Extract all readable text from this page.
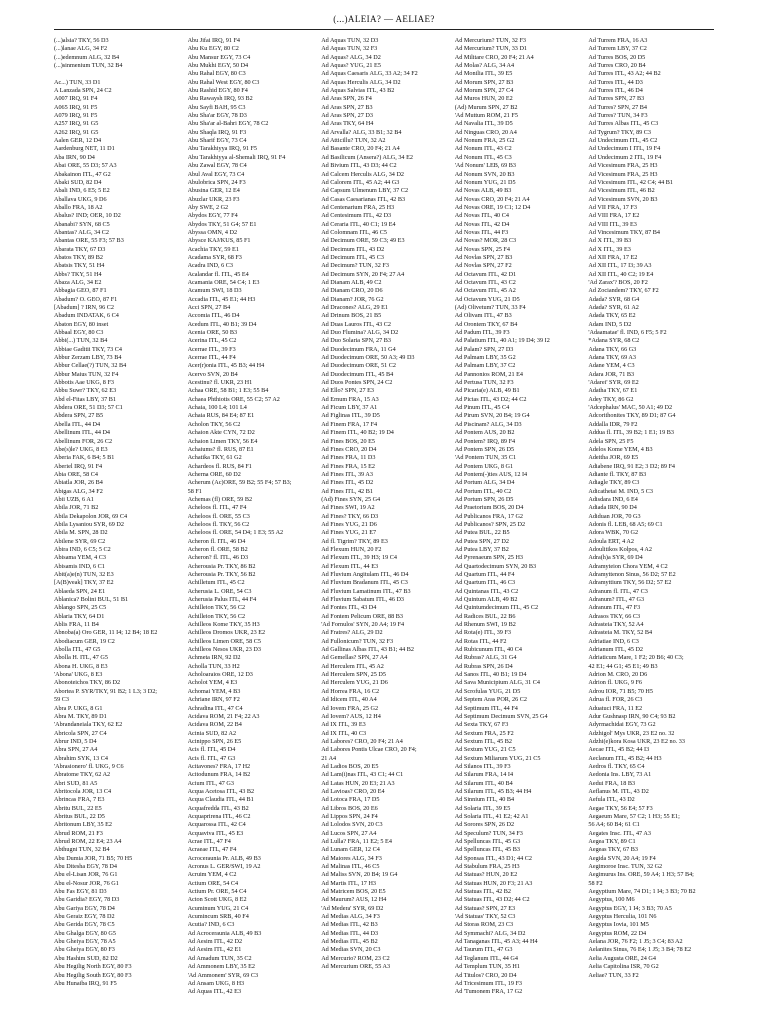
(...)ALEIA? — AELIAE?
(...)alsia? TKY, 56 D3
(...)lanae ALG, 34 F2
(...)edemnum ALG, 32 B4
(...)sinmenium TUN, 32 B4

Ac...) TUN, 33 D1
A Lanzada SPN, 24 C2
A007 IRQ, 91 F4
A065 IRQ, 91 F5
A079 IRQ, 91 F5
A257 IRQ, 91 G5
A262 IRQ, 91 G5
Aalen GER, 12 D4
Aardenburg NET, 11 D1
Aba IRN, 90 D4
Abai ORE, 55 D3; 57 A3
Abakainon ITL, 47 G2
Abaki SUD, 82 D4
Abali IND, 6 E5; 5 E2
Aballava UKG, 9 D6
Aballo FRA, 18 A2
Abalus? IND; OER, 10 D2
Abanabi? SYN, 68 C5
Abantas? ALG, 34 C2
Abantas ORE, 55 F3; 57 B3
Abarata TKY, 67 D3
Abatos TKY, 89 B2
Abatsis TKY, 51 H4
Abbs? TKY, 51 H4
Abaza ALG, 34 E2
Abbagia GEO, 87 F1
Abadum? O. GEO, 87 F1
[Abadum] ? IRN, 96 C2
Abadum INDATAK, 6 C4
Abaton EGY, 80 inset
Abbaal EGY, 80 C3
Abbi(...) TUN, 32 B4
Abbiae Gaditii TKY, 73 C4
Abbur Zerzam LBY, 73 B4
Abbur Cellae(?) TUN, 32 B4
Abbur Maius TUN, 32 F4
Abbotis Aae UKG, 8 F3
Abbu Suwr? TKY, 62 E3
Abd el-Fitas LBY, 37 B1
Abdera ORE, 51 D3; 57 C1
Abdera SPN, 27 B5
Abella ITL, 44 D4
Abellinum ITL, 44 D4
Abellinum FOR, 26 C2
Abe(s)le? UKG, 8 E3
Aberia FAK, 6 B4; 5 B1
Aberiel IRQ, 91 F4
Abia ORE, 58 C4
Abiatla JOR, 26 B4
Abigas ALG, 34 F2
Abii UZB, 6 A1
Abila JOR, 71 B2
Abila Dekapolon JOR, 69 C4
Abila Lysaniou SYR, 69 D2
Abila M. SPN, 28 D2
Abilene SYR, 69 C2
Abira IND, 6 C5; 5 C2
Abisama YEM, 4 C3
Abisamis IND, 6 C1
Abit(a)e(n) TUN, 32 E3
[A(B)veak] TKY, 37 E2
Ablaeda SPN, 24 E1
Ablanica? Bolini BUL, 51 B1
Ablango SPN, 25 C5
Ablaria TKY, 64 D1
Ablis FRA, 11 B4
Abnoba(a) Oro GER, 11 I4; 12 B4; 18 E2
Abodiacum GER, 19 C2
Abolla ITL, 47 G5
Abolla H. ITL, 47 G5
Abona H. UKG, 8 E3
'Abona' UKG, 8 E3
Abonoteichos TKY, 86 D2
Abortea P. SYR/TKY, 91 B2; 1 L3; 3 D2;
59 C3
Abra P. UKG, 8 G1
Abra M. TKY, 89 D1
'Abrandaneiala TKY, 62 E2
Abricola SPN, 27 C4
Abrur IND, 5 D4
Abra SPN, 27 A4
Abrahim SYK, 13 C4
'Abrasionero' fl. UKG, 9 C6
Abratome TKY, 62 A2
Abri SUD, 81 A5
Abritocola JOR, 13 C4
Abrincas FRA, 7 E3
Abritu BUL, 22 E5
Abritus BUL, 22 D5
Abritonum LBY, 35 E2
Abrud ROM, 21 F3
Abrud ROM, 22 E4; 23 A4
Abthugni TUN, 32 B4
Abu Dumia JOR, 71 B5; 70 H5
Abu Ditesha EGY, 78 D4
Abu el-Lisan JOR, 76 G1
Abu el-Nosur JOR, 76 G1
Abu Fas EGY, 81 D3
Abu Garidia? EGY, 78 D3
Abu Gariya EGY, 78 D4
Abu Geraiz EGY, 78 D2
Abu Gerida EGY, 78 C5
Abu Ghalga EGY, 80 G5
Abu Gheiya EGY, 78 A5
Abu Gheiya EGY, 80 F3
Abu Hashim SUD, 82 D2
Abu Hegilig North EGY, 80 F3
Abu Hegilig South EGY, 80 F3
Abu Hunaiba IRQ, 91 F5
Abu Jifai IRQ, 91 F4
Abu Ku EGY, 80 C2
Abu Mansur EGY, 73 C4
Abu Mukhi EGY, 50 D4
Abu Rahal EGY, 80 C3
Abu Rahal West EGY, 80 C3
Abu Rashid EGY, 80 F4
Abu Rawaysh IRQ, 93 B2
Abu Sayfi BAH, 95 C3
Abu Sha'ar EGY, 78 D3
Abu Sha'ar al-Bahri EGY, 78 C2
Abu Shaqla IRQ, 91 F3
Abu Sharif EGY, 73 C4
Abu Tarakhiyya IRQ, 91 F5
Abu Tarakhiyya al-Shemali IRQ, 91 F4
Abu Zawal EGY, 78 C4
Abul Aval EGY, 73 C4
Abulobrica SPN, 24 F3
Abusina GER, 12 E4
Abuzlar UKR, 23 F3
Aby SWE, 2 G2
Abydos EGY, 77 F4
Abydos TKY, 51 G4; 57 E1
Abyssa OMN, 4 D2
Abysce KAJ/KUS, 85 F1
Acachia TKY, 59 E1
Acadama SYR, 68 F3
Acadra IND, 6 C3
Acalandar fl. ITL, 45 E4
Acamania ORE, 54 C4; 1 E3
Acamum SWI, 18 D3
Accadia ITL, 45 E1; 44 H3
Acci SPN, 27 B4
Accomia ITL, 46 D4
Acedum ITL, 40 B1; 39 D4
Acenia ORE, 50 B3
Acerina ITL, 45 C2
Acerrae ITL, 39 F3
Acerrae ITL, 44 F4
Acer(r)onia ITL, 45 B3; 44 H4
Acervo SVN, 20 B4
Acestinu? fl. UKR, 23 H1
Achaa ORE, 58 B1; 1 E3; 55 B4
Achaea Phthiotis ORE, 55 C2; 57 A2
Achaia, 100 L4; 101 L4
Achaia RUS, 84 E4; 87 E1
Acholon TKY, 56 C2
Achaion Akte CYN, 72 D2
Achaion Limen TKY, 56 E4
Achaiums? fl. RUS, 87 E1
Achatika TKY, 61 G2
Achardeos fl. RUS, 84 F1
Acherna ORE, 60 D2
Acherum (Ac)ORE, 59 B2; 55 F4; 57 B3;
58 F1
Achemas (fl) ORE, 59 B2
Acheloos fl. ITL, 47 F4
Acheloos fl. ORE, 55 C3
Acheloos fl. TKY, 56 C2
Acheloos fl. ORE, 54 D4; 1 E3; 55 A2
Acheron fl. ITL, 46 D4
Acheron fl. ORE, 58 B2
Acheron? fl. ITL, 46 D3
Acherousia Pr. TKY, 86 B2
Acherousia Pr. TKY, 56 B2
Achilletum ITL, 45 C2
Acherusia L. ORE, 54 C3
Acherusia Palus ITL, 44 F4
Achilleion TKY, 56 C2
Achilleion TKY, 56 C2
Achilleos Kome TKY, 35 H3
Achilleos Dromos UKR, 23 E2
Achilleos Limen ORE, 58 C5
Achilleos Nesos UKR, 23 D3
Achmeta IRN, 92 D2
Acholla TUN, 33 H2
Acholoaraios ORE, 12 D3
Acholot YEM, 4 E3
Achomai YEM, 4 B3
Achriane IRN, 97 F2
Achradina ITL, 47 C4
Acidava ROM, 21 F4; 22 A3
Acidava ROM, 22 B4
Acinia SUD, 82 A2
Acinippo SPN, 26 E5
Acis fl. ITL, 45 D4
Acis fl. ITL, 47 G3
Acitavones? FRA, 17 H2
Acitodunum FRA, 14 B2
Acium ITL, 47 G3
Acqua Acetosa ITL, 43 B2
Acqua Claudia ITL, 44 B1
Acquafredda ITL, 43 B2
Acquaprirena ITL, 46 C2
Acquarossa ITL, 42 C4
Acquaviva ITL, 45 E3
Acrae ITL, 47 F4
Acraeae ITL, 47 F4
Acroceraunia Pr. ALB, 49 B3
Acronus L. GER/SWI, 19 A2
Acruim YEM, 4 C2
Actium ORE, 54 C4
Actium Pr. ORE, 54 C4
Acton Scott UKG, 8 E2
Acuminum YUG, 21 C4
Acumincum SRB, 40 F4
Acutia? IND, 6 C3
Ad Acroceraunia ALB, 49 B3
Ad Aesim ITL, 42 D2
Ad Aesim ITL, 42 E1
Ad Amadum TUN, 35 C2
Ad Ammonem LBY, 35 E2
'Ad Ammonem' SYR, 69 C3
Ad Ansam UKG, 8 H3
Ad Aquas ITL, 42 E3
Ad Aquas TUN, 32 D3
Ad Aquas TUN, 32 F3
Ad Aquas? ALG, 34 D2
Ad Aquas? YUG, 21 E5
Ad Aquas Caesaris ALG, 33 A2; 34 F2
Ad Aquas Herculis ALG, 34 D2
Ad Aquas Salvias ITL, 43 B2
Ad Aras SPN, 26 F4
Ad Aras SPN, 27 B3
Ad Aras SPN, 27 D3
Ad Aras TKY, 64 H4
Ad Arvalla? ALG, 33 B1; 32 B4
Ad Atticillu? TUN, 32 A2
Ad Basante CRO, 20 F4; 21 A4
Ad Basilicum (Ansera?) ALG, 34 E2
Ad Bivium ITL, 43 D3; 44 C2
Ad Calcem Herculis ALG, 34 D2
Ad Calorem ITL, 45 A2; 44 G3
Ad Capsum Ulmenum LBY, 37 C2
Ad Casas Caesarianas ITL, 42 B3
Ad Centenarium FRA, 25 H3
Ad Centesimum ITL, 42 D3
Ad Ceraria ITL, 40 C1; 19 E4
Ad Colomnam ITL, 46 C5
Ad Decimum ORE, 59 C3; 49 E3
Ad Decimum ITL, 43 D2
Ad Decimum ITL, 45 C3
Ad Decimum? TUN, 32 F3
Ad Decimum SYN, 20 F4; 27 A4
Ad Dianam ALB, 49 C2
Ad Dianam CRO, 20 D6
Ad Dianam? JOR, 76 G2
Ad Dracones? ALG, 29 E1
Ad Drinum BOS, 21 B5
Ad Duas Lauros ITL, 43 C2
Ad Duo Flumina? ALG, 34 D2
Ad Duo Solaria SPN, 27 B3
Ad Duodecimum FRA, 11 G4
Ad Duodecimum ORE, 50 A3; 49 D3
Ad Duodecimum ORE, 51 C2
Ad Duodecimum ITL, 45 B4
Ad Duos Pontes SPN, 24 C2
Ad Ello? SPN, 27 E3
Ad Ernum FRA, 15 A3
Ad Ficum LBY, 37 A1
Ad Figlinas ITL, 39 D5
Ad Finem FRA, 17 F4
Ad Finem ITL, 40 B2; 19 D4
Ad Fines BOS, 20 E5
Ad Fines CRO, 20 D4
Ad Fines FRA, 11 D3
Ad Fines FRA, 15 E2
Ad Fines ITL, 39 A3
Ad Fines ITL, 45 D2
Ad Fines ITL, 42 B1
(Ad) Fines SYN, 25 G4
Ad Fines SWI, 19 A2
Ad Fines? TKY, 66 D3
Ad Fines YUG, 21 D6
Ad Fines YUG, 21 E7
Ad fl. Tigrim? TKY, 89 E3
Ad Flexum HUN, 20 F2
Ad Flexum ITL, 39 H3; 19 C4
Ad Flexum ITL, 44 E3
Ad Fluvium Angitulam ITL, 46 D4
Ad Fluvium Bradanum ITL, 45 C3
Ad Fluvium Lamatinum ITL, 47 B3
Ad Fluvium Sabatum ITL, 46 D3
Ad Fontes ITL, 43 D4
Ad Fontem Pelicum ORE, 88 B3
'Ad Fornulos' SYN, 20 A4; 19 F4
Ad Fratres? ALG, 29 D2
Ad Fullonicum? TUN, 32 F3
Ad Gallinas Albas ITL, 43 B1; 44 B2
Ad Gemellas? SPN, 27 A4
Ad Herculem ITL, 45 A2
Ad Herculem SPN, 25 D5
Ad Herculem YUG, 21 D6
Ad Horrea FRA, 16 C2
Ad Idicem ITL, 40 A4
Ad Iovem FRA, 25 G2
Ad Iovem? AUS, 12 H4
Ad IX ITL, 39 E3
Ad IX ITL, 40 C3
Ad Labores? CRO, 20 F4; 21 A4
Ad Labores Pontis Ulcae CRO, 20 F4;
21 A4
Ad Ladios BOS, 20 E5
Ad Lam(i)nas ITL, 43 C1; 44 C1
Ad Latas HUN, 20 E3; 21 A3
Ad Lavioas? CRO, 20 E4
Ad Lotoca FRA, 17 D5
Ad Libros BOS, 20 E6
Ad Lippos SPN, 24 F4
Ad Lolodos SVN, 20 C3
Ad Lucos SPN, 27 A4
Ad Lulla? FRA, 11 E2; 5 E4
Ad Lunam GER, 12 C4
Ad Maiores ALG, 34 F3
Ad Malinas ITL, 46 C5
Ad Maliss SVN, 20 B4; 19 G4
Ad Martis ITL, 17 H3
Ad Matricem BOS, 20 E5
Ad Maurum? AUS, 12 H4
'Ad Medera' SYR, 69 D2
Ad Medias ALG, 34 F3
Ad Medias ITL, 42 B3
Ad Medias ITL, 44 D3
Ad Medias ITL, 45 B2
Ad Medias SVN, 20 C3
Ad Mercurio? ROM, 23 C2
Ad Mercurium ORE, 55 A3
Ad Mercurium? TUN, 32 F3
Ad Mercurium? TUN, 33 D1
Ad Militare CRO, 20 F4; 21 A4
Ad Molas? ALG, 34 A4
Ad Monilia ITL, 39 E5
Ad Morum SPN, 27 B3
Ad Morum SPN, 27 C4
Ad Muros HUN, 20 E2
(Ad) Murum SPN, 27 B2
'Ad Muttum ROM, 21 F5
Ad Navalia ITL, 39 D5
Ad Ninguas CRO, 20 A4
Ad Nonum FRA, 25 G2
Ad Nonum ITL, 43 C2
Ad Nonum ITL, 45 C3
'Ad Nonum' LEB, 69 B3
Ad Nonum SVN, 20 B3
Ad Nonum YUG, 21 D5
Ad Novas ALB, 49 B3
Ad Novas CRO, 20 F4; 21 A4
Ad Novas ORE, 19 C1; 12 D4
Ad Novas ITL, 40 C4
Ad Novas ITL, 42 D4
Ad Novas ITL, 44 F3
Ad Novas? MOR, 28 C3
Ad Novas SPN, 25 F4
Ad Novlas SPN, 27 B3
Ad Novlas SPN, 27 F2
Ad Octavum ITL, 42 D1
Ad Octavum ITL, 43 C2
Ad Octavum ITL, 45 A2
Ad Octavum YUG, 21 D5
(Ad) Olivetum? TUN, 33 F4
Ad Olivam ITL, 47 B3
Ad Orontem TKY, 67 B4
Ad Padum ITL, 39 F3
Ad Palatium ITL, 40 A1; 19 D4; 39 I2
Ad Palam? SPN, 27 D3
Ad Palmam LBY, 35 G2
Ad Palmam LBY, 37 C2
Ad Pannonios ROM, 21 E4
Ad Pertusa TUN, 32 F3
Ad Picaria(e) ALB, 49 B1
Ad Pictas ITL, 43 D2; 44 C2
Ad Pinum ITL, 45 C4
Ad Pirum SVN, 20 B4; 19 G4
Ad Piscinam? ALG, 34 D3
Ad Pontem AUS, 20 B2
Ad Pontem? IRQ, 89 F4
Ad Pontem SPN, 26 D5
'Ad Pontem TUN, 35 C1
Ad Pontem UKG, 8 G1
Ad Pontem(-)ties AUS, 12 I4
Ad Portum ALG, 34 D4
Ad Portum ITL, 40 C2
Ad Portum SPN, 26 D5
Ad Praetorium BOS, 20 D4
Ad Publicanos FRA, 17 G2
Ad Publicanos? SPN, 25 D2
Ad Putea BUL, 22 B5
Ad Putea SPN, 27 D2
Ad Putea LBY, 37 B2
Ad Pyrenaeum SPN, 25 H3
Ad Quartodecimum SYN, 20 B3
Ad Quartum ITL, 44 F4
Ad Quartum ITL, 46 C3
Ad Quintanas ITL, 43 C2
Ad Quintum ALB, 49 B2
Ad Quintumdecimum ITL, 45 C2
Ad Radices BUL, 22 B6
Ad Rhenum SWI, 19 B2
Ad Rota(e) ITL, 39 F3
Ad Rotas ITL, 44 F2
Ad Rubicunum ITL, 40 C4
Ad Rubras? ALG, 31 G4
Ad Rubras SPN, 26 D4
Ad Sanos ITL, 40 B1; 19 D4
Ad Sava Municipium ALG, 31 C4
Ad Scrofulas YUG, 21 D5
Ad Septem Aras POR, 26 C2
Ad Septimum ITL, 44 F4
Ad Septimum Decimum SVN, 25 G4
Ad Sexta TKY, 67 F3
Ad Sextum FRA, 25 F2
Ad Sextum ITL, 45 B2
Ad Sextum YUG, 21 C5
Ad Sextum Miliarum YUG, 21 C5
Ad Silanos ITL, 39 F3
Ad Silarum FRA, 14 I4
Ad Silarum ITL, 40 B4
Ad Silarum ITL, 45 B3; 44 H4
Ad Sinnium ITL, 40 B4
Ad Solaria ITL, 39 E5
Ad Solaria ITL, 41 E2; 42 A1
Ad Sorores SPN, 26 D2
Ad Speculum? TUN, 34 F3
Ad Spelluncas ITL, 45 G3
Ad Spelluncas ITL, 45 B3
Ad Sponsas ITL, 43 D1; 44 C2
Ad Stabulum FRA, 25 H3
Ad Statuas? HUN, 20 E2
Ad Statuas HUN, 20 F3; 21 A3
Ad Statuas ITL, 42 B2
Ad Statuas ITL, 43 D2; 44 C2
Ad Statuas? SPN, 27 E3
'Ad Statuas' TKY, 52 C3
Ad Storas ROM, 23 C3
Ad Symmachi? ALG, 34 D2
Ad Tanaganas ITL, 45 A3; 44 H4
Ad Taurum ITL, 47 G3
Ad Teglanum ITL, 44 G4
Ad Templum TUN, 35 H1
Ad Titulos? CRO, 20 D4
Ad Tricesimum ITL, 19 F3
Ad 'Tumonem FRA, 17 G2
Ad Turrem FRA, 16 A3
Ad Turrem LBY, 37 C2
Ad Turres BOS, 20 D5
Ad Turres CRO, 20 B4
Ad Turres ITL, 43 A2; 44 B2
Ad Turres ITL, 44 D3
Ad Turres ITL, 46 D4
Ad Turres SPN, 27 B3
Ad Turres? SPN, 27 B4
Ad Turres? TUN, 34 F3
Ad Turres Albas ITL, 45 C3
Ad Tygrum? TKY, 89 C3
Ad Undecimum ITL, 45 C2
Ad Undecimum I ITL, 19 F4
Ad Undecimum 2 ITL, 19 F4
Ad Vicesimum FRA, 25 H3
Ad Vicesimum FRA, 25 H3
Ad Vicesimum ITL, 42 C4; 44 B1
Ad Vicesimum ITL, 46 B2
Ad Vicesimum SVN, 20 B3
Ad VII FRA, 17 F3
Ad VIII FRA, 17 E2
Ad VIII ITL, 39 E3
Ad Vincesimum TKY, 87 B4
Ad X ITL, 39 B3
Ad X ITL, 39 E3
Ad XII FRA, 17 E2
Ad XII ITL, 17 I3; 39 A3
Ad XII ITL, 40 C2; 19 E4
'Ad Zarax'? BOS, 20 F2
Ad Zociandem? TKY, 67 F2
Adada? SYR, 68 G4
Adada? SYR, 61 A2
Adada TKY, 65 E2
Adam IND, 5 D2
'Adaamatae' fl. IND, 6 F5; 5 F2
*Adana SYR, 68 C2
Adana TKY, 66 G3
Adana TKY, 69 A3
Adane YEM, 4 C3
Adara JOR, 71 B3
'Adarei' SYR, 69 E2
Adatha TKY, 67 E1
Adey TKY, 86 G2
'Adcephalus' MAC, 50 A1; 49 D2
Adcorithonites TKY, 89 D1; 87 G4
Addalla IDR, 79 F2
Addua fl. ITL, 39 B2; 1 E1; 19 B3
Adela SPN, 25 F5
Adelos Kome YEM, 4 B3
Adeitha JOR, 69 E5
Adiabene IRQ, 91 E2; 3 D2; 89 F4
Adiante fl. TKY, 87 B3
Adiagle TKY, 89 C3
Adicathetai M. IND, 5 C3
Adisdara IND, 6 E4
Adiada IRN, 90 D4
Adiduan JOR, 70 G3
Adonis fl. LEB, 68 A5; 69 C1
Adora WBK, 70 G2
Adoula ERT, 4 A2
Adoulitikos Kolpos, 4 A2
Adra(h)a SYR, 69 D4
Adramyteion Chora YEM, 4 C2
Adramyttenon Sinus, 56 D2; 57 E2
Adramyttium TKY, 56 D2; 57 E2
Adranum fl. ITL, 47 C3
Adranum? ITL, 47 G3
Adranum ITL, 47 F3
Adrasos TKY, 66 C3
Adrasteia TKY, 52 A4
Adrasteia M. TKY, 52 B4
Adriatiae IND, 6 C3
Adrianum ITL, 45 D2
Adriaticum Mare, 1 F2; 20 B6; 40 C3;
42 E1; 44 G1; 45 E1; 49 B3
Adrion M. CRO, 20 D6
Adrion fl. UKG, 9 F6
Adrou IOR, 71 B5; 70 H5
Adrua fl. FOR, 26 C3
Aduatuci FRA, 11 E2
Adur Gushnasp IRN, 90 C4; 93 B2
Adyrmachidai EGY, 73 G2
Adzhigol' Mys UKR, 23 E2 no. 32
Adzhi(e)kora Kosa UKR, 23 E2 no. 33
Aecae ITL, 45 B2; 44 I3
Aeclanum ITL, 45 B2; 44 H3
Aedros fl. TKY, 65 C4
Aedonia Ins. LBY, 73 A1
Aedui FRA, 18 B3
Aeflanus M. ITL, 43 D2
Aefula ITL, 43 D2
Aegae TKY, 56 E4; 57 F3
Aegaeum Mare, 57 C2; 1 H3; 55 E1;
56 A4; 60 B4; 61 C1
Aegates Insc. ITL, 47 A3
Aegea TKY, 89 C1
Aegeas TKY, 67 B3
Aegida SVN, 20 A4; 19 F4
Aegimoroe Insc. TUN, 32 G2
Aegimurus Ins. ORE, 59 A4; 1 H3; 57 B4;
58 F2
Aegyptium Mare, 74 D1; 1 I4; 3 B3; 70 B2
Aegyptus, 100 M6
Aegyptus EGY, 1 I4; 3 B3; 70 A5
Aegyptus Herculia, 101 N6
Aegyptus Iovia, 101 M5
Aegyptus ROM, 22 D4
Aelana JOR, 76 F2; 1 J5; 3 C4; 83 A2
Aelanites Sinus, 76 E4; 1 J5; 3 B4; 78 E2
Aelia Augusta ORE, 24 G4
Aelia Capitolina ISR, 70 G2
Aeliae? TUN, 33 F2
